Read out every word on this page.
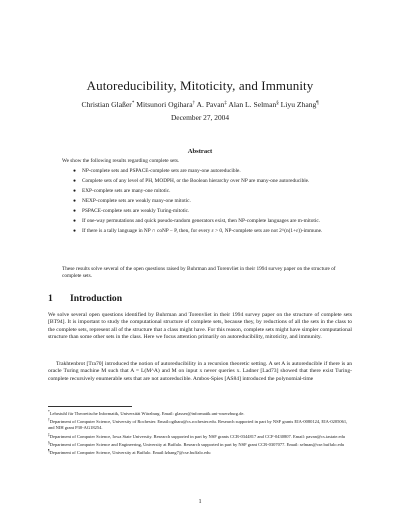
Autoreducibility, Mitoticity, and Immunity
Christian Glaßer* Mitsunori Ogihara† A. Pavan‡ Alan L. Selman§ Liyu Zhang¶
December 27, 2004
Abstract
We show the following results regarding complete sets.
● NP-complete sets and PSPACE-complete sets are many-one autoreducible.
● Complete sets of any level of PH, MODPH, or the Boolean hierarchy over NP are many-one autoreducible.
● EXP-complete sets are many-one mitotic.
● NEXP-complete sets are weakly many-one mitotic.
● PSPACE-complete sets are weakly Turing-mitotic.
● If one-way permutations and quick pseudo-random generators exist, then NP-complete languages are m-mitotic.
● If there is a tally language in NP ∩ coNP − P, then, for every ε > 0, NP-complete sets are not 2^(n(1+ε))-immune.
These results solve several of the open questions raised by Buhrman and Torenvliet in their 1994 survey paper on the structure of complete sets.
1 Introduction
We solve several open questions identified by Buhrman and Torenvliet in their 1994 survey paper on the structure of complete sets [BT94]. It is important to study the computational structure of complete sets, because they, by reductions of all the sets in the class to the complete sets, represent all of the structure that a class might have. For this reason, complete sets might have simpler computational structure than some other sets in the class. Here we focus attention primarily on autoreducibility, mitoticity, and immunity.
Trakhtenbrot [Tra70] introduced the notion of autoreducibility in a recursion theoretic setting. A set A is autoreducible if there is an oracle Turing machine M such that A = L(M^A) and M on input x never queries x. Ladner [Lad73] showed that there exist Turing-complete recursively enumerable sets that are not autoreducible. Ambos-Spies [AS84] introduced the polynomial-time

*Lehrstuhl für Theoretische Informatik, Universität Würzburg. Email: glasser@informatik.uni-wuerzburg.de.

†Department of Computer Science, University of Rochester. Email:ogihara@cs.rochester.edu. Research supported in part by NSF grants EIA-0080124, EIA-0205061, and NIH grant P30-AG18254.

‡Department of Computer Science, Iowa State University. Research supported in part by NSF grants CCR-0344817 and CCF-0430807. Email: pavan@cs.iastate.edu

§Department of Computer Science and Engineering, University at Buffalo. Research supported in part by NSF grant CCR-0307077. Email: selman@cse.buffalo.edu

¶Department of Computer Science, University at Buffalo. Email:lzhang7@cse.buffalo.edu

1
